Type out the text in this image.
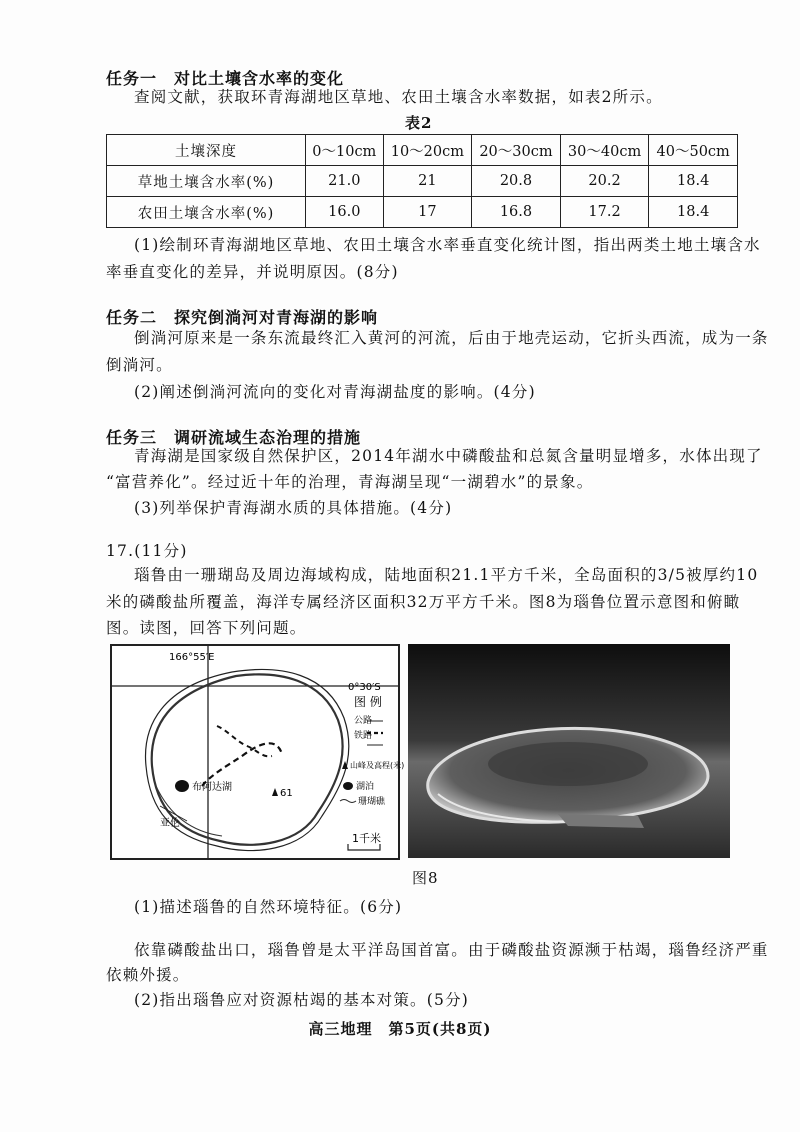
任务一　对比土壤含水率的变化
查阅文献，获取环青海湖地区草地、农田土壤含水率数据，如表2所示。
表2
土壤深度	0～10cm	10～20cm	20～30cm	30～40cm	40～50cm
草地土壤含水率(%)	21.0	21	20.8	20.2	18.4
农田土壤含水率(%)	16.0	17	16.8	17.2	18.4
(1)绘制环青海湖地区草地、农田土壤含水率垂直变化统计图，指出两类土地土壤含水
率垂直变化的差异，并说明原因。(8分)
任务二　探究倒淌河对青海湖的影响
倒淌河原来是一条东流最终汇入黄河的河流，后由于地壳运动，它折头西流，成为一条
倒淌河。
(2)阐述倒淌河流向的变化对青海湖盐度的影响。(4分)
任务三　调研流域生态治理的措施
青海湖是国家级自然保护区，2014年湖水中磷酸盐和总氮含量明显增多，水体出现了
“富营养化”。经过近十年的治理，青海湖呈现“一湖碧水”的景象。
(3)列举保护青海湖水质的具体措施。(4分)
17.(11分)
瑙鲁由一珊瑚岛及周边海域构成，陆地面积21.1平方千米，全岛面积的3/5被厚约10
米的磷酸盐所覆盖，海洋专属经济区面积32万平方千米。图8为瑙鲁位置示意图和俯瞰
图。读图，回答下列问题。
166°55′E
0°30′S
布阿达湖
61
亚伦
图 例
公路
铁路
山峰及高程(米)
湖泊
珊瑚礁
1千米
图8
(1)描述瑙鲁的自然环境特征。(6分)
依靠磷酸盐出口，瑙鲁曾是太平洋岛国首富。由于磷酸盐资源濒于枯竭，瑙鲁经济严重
依赖外援。
(2)指出瑙鲁应对资源枯竭的基本对策。(5分)
高三地理　第5页(共8页)
